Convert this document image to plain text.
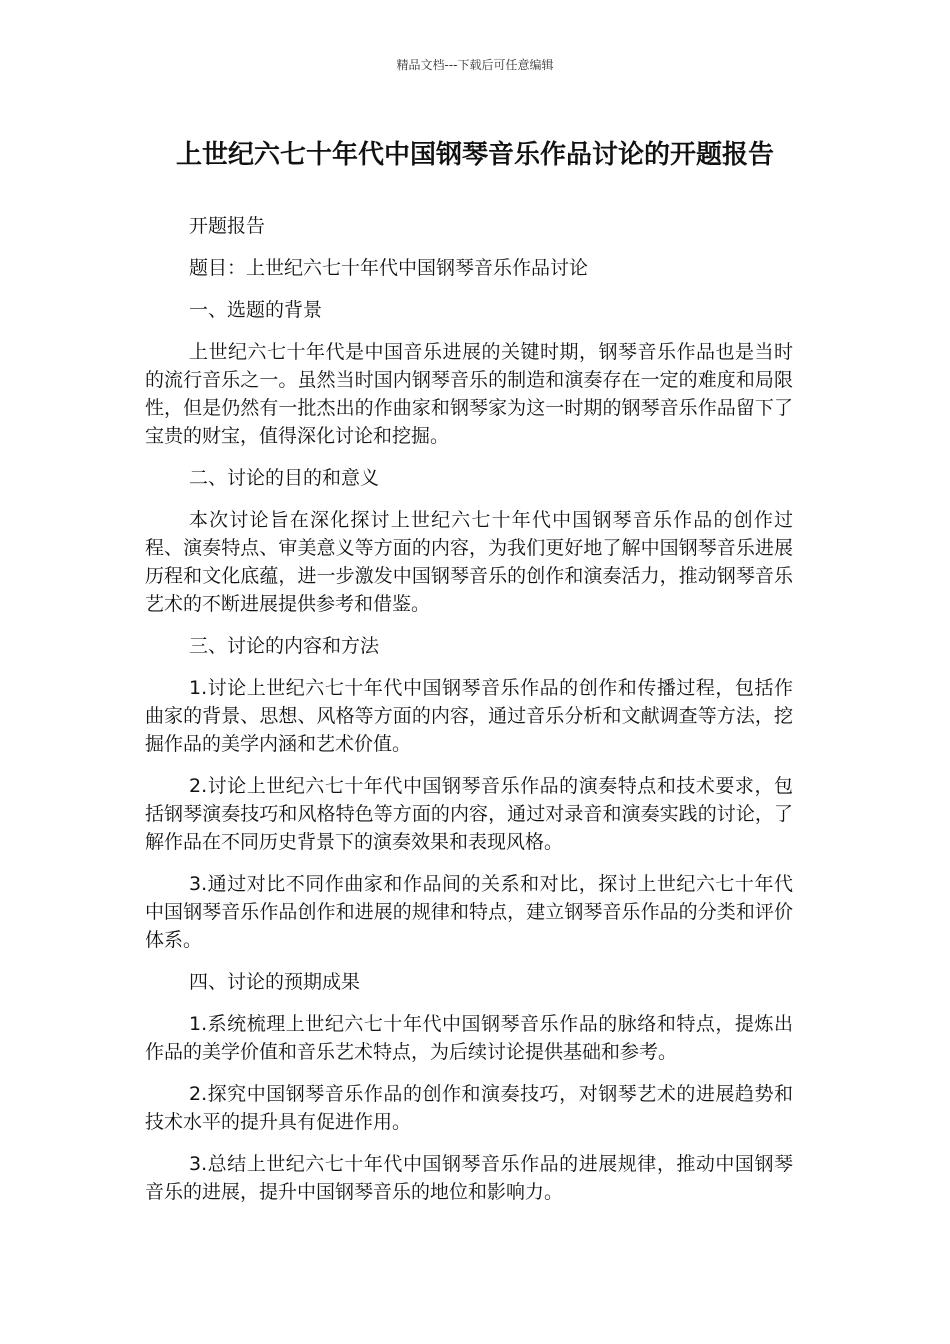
精品文档---下载后可任意编辑
上世纪六七十年代中国钢琴音乐作品讨论的开题报告

开题报告

题目：上世纪六七十年代中国钢琴音乐作品讨论

一、选题的背景

上世纪六七十年代是中国音乐进展的关键时期，钢琴音乐作品也是当时的流行音乐之一。虽然当时国内钢琴音乐的制造和演奏存在一定的难度和局限性，但是仍然有一批杰出的作曲家和钢琴家为这一时期的钢琴音乐作品留下了宝贵的财宝，值得深化讨论和挖掘。

二、讨论的目的和意义

本次讨论旨在深化探讨上世纪六七十年代中国钢琴音乐作品的创作过程、演奏特点、审美意义等方面的内容，为我们更好地了解中国钢琴音乐进展历程和文化底蕴，进一步激发中国钢琴音乐的创作和演奏活力，推动钢琴音乐艺术的不断进展提供参考和借鉴。

三、讨论的内容和方法

1.讨论上世纪六七十年代中国钢琴音乐作品的创作和传播过程，包括作曲家的背景、思想、风格等方面的内容，通过音乐分析和文献调查等方法，挖掘作品的美学内涵和艺术价值。

2.讨论上世纪六七十年代中国钢琴音乐作品的演奏特点和技术要求，包括钢琴演奏技巧和风格特色等方面的内容，通过对录音和演奏实践的讨论，了解作品在不同历史背景下的演奏效果和表现风格。

3.通过对比不同作曲家和作品间的关系和对比，探讨上世纪六七十年代中国钢琴音乐作品创作和进展的规律和特点，建立钢琴音乐作品的分类和评价体系。

四、讨论的预期成果

1.系统梳理上世纪六七十年代中国钢琴音乐作品的脉络和特点，提炼出作品的美学价值和音乐艺术特点，为后续讨论提供基础和参考。

2.探究中国钢琴音乐作品的创作和演奏技巧，对钢琴艺术的进展趋势和技术水平的提升具有促进作用。

3.总结上世纪六七十年代中国钢琴音乐作品的进展规律，推动中国钢琴音乐的进展，提升中国钢琴音乐的地位和影响力。
